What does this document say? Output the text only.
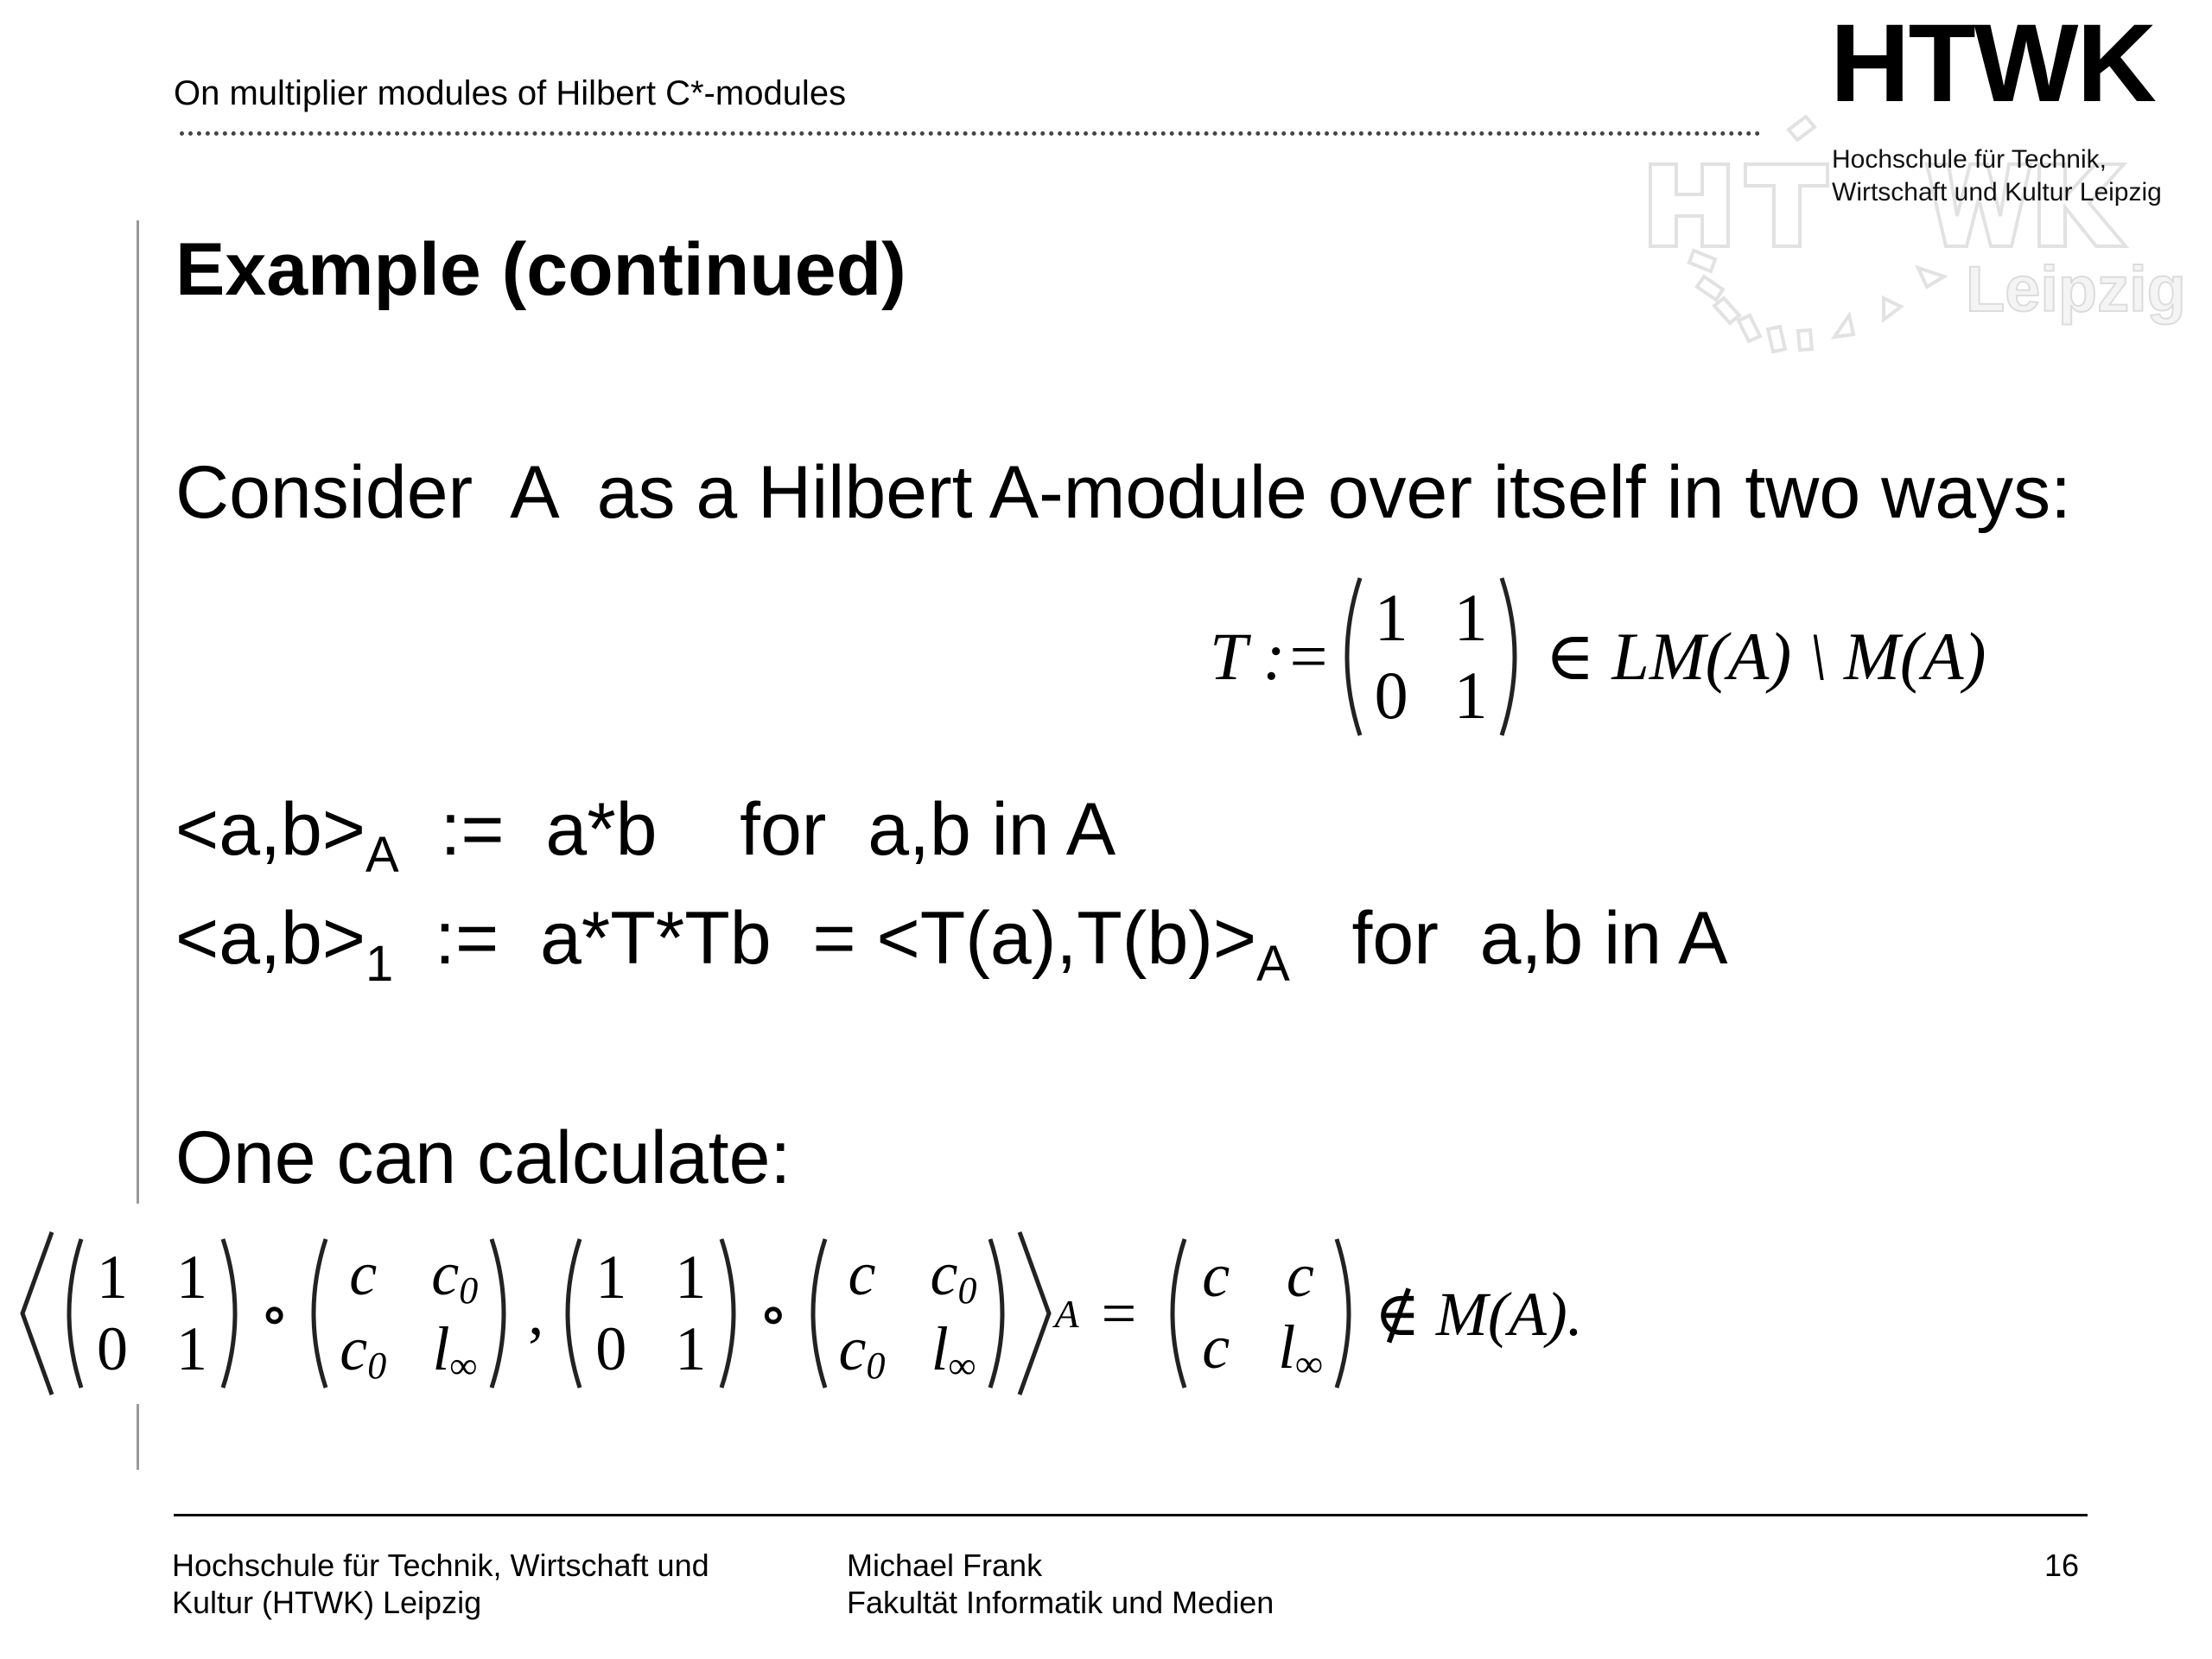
On multiplier modules of Hilbert C*-modules
Leipzig
HTWK
Hochschule für Technik,
Wirtschaft und Kultur Leipzig
Example (continued)
Consider  A  as a Hilbert A-module over itself in two ways:
T :=
1 1
0 1
∈ LM(A) \ M(A)
$<a,b>_A$  :=  a*b    for  a,b in A
$<a,b>_1$  :=  $a*T*Tb = <T(a),T(b)>_A$   for  a,b in A
One can calculate:
1 1
0 1
∘
c $c_0$
$c_0$ $l_\infty$
,
1 1
0 1
∘
c $c_0$
$c_0$ $l_\infty$
A =
c c
c $l_\infty$
∉ M(A).
Hochschule für Technik, Wirtschaft und
Kultur (HTWK) Leipzig
Michael Frank
Fakultät Informatik und Medien
16
